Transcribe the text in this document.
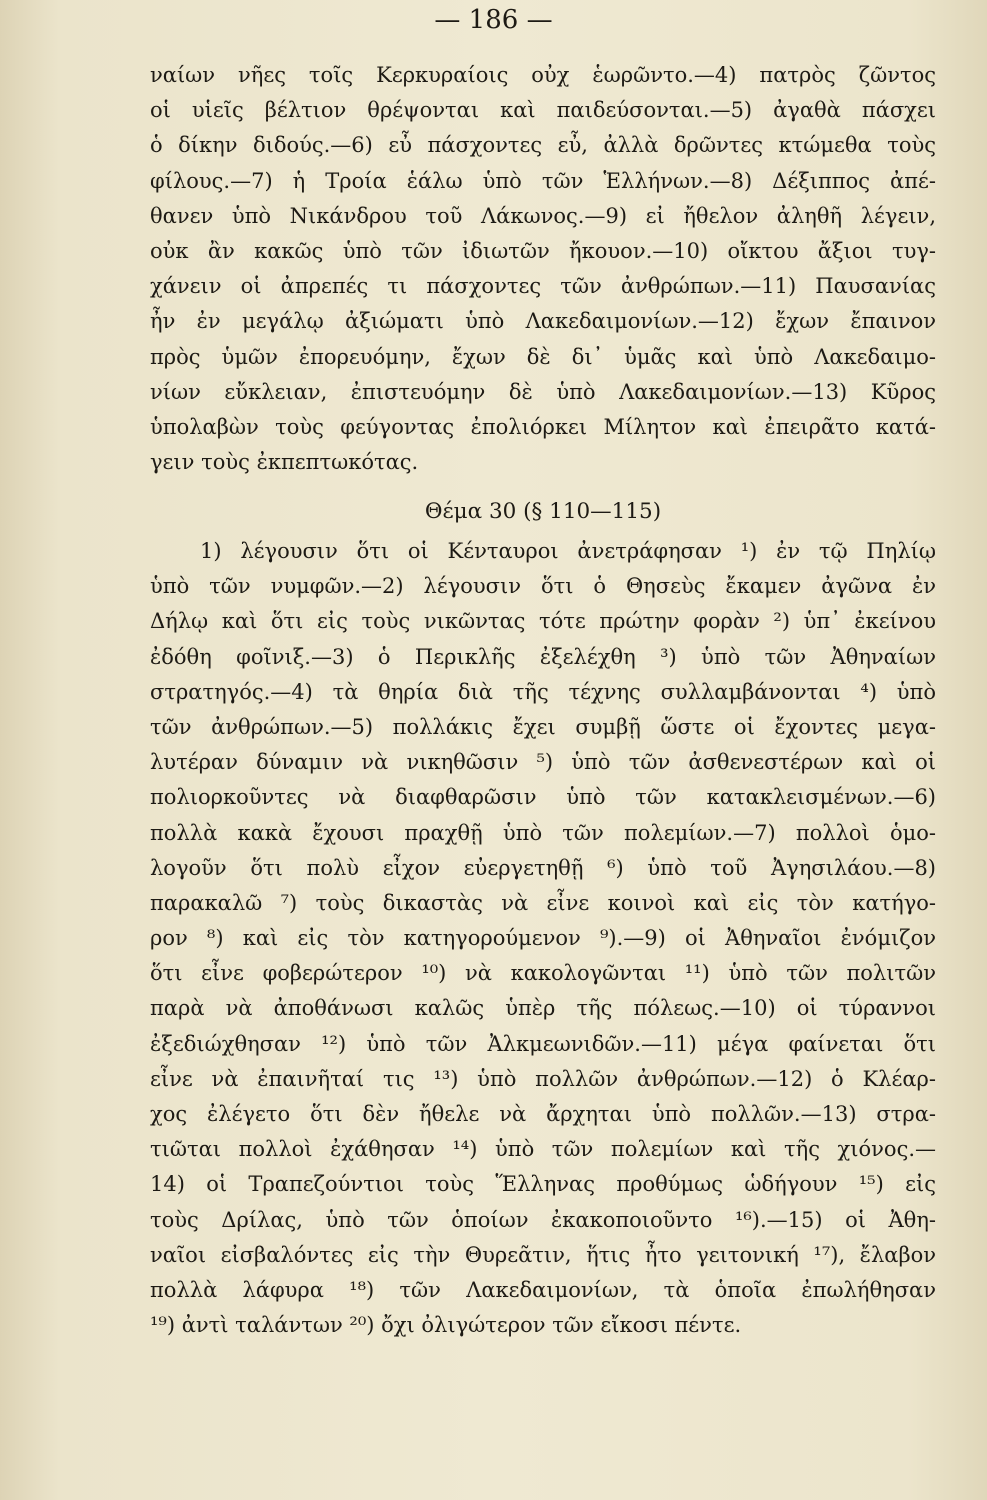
— 186 —
ναίων νῆες τοῖς Κερκυραίοις οὐχ ἑωρῶντο.—4) πατρὸς ζῶντος
οἱ υἱεῖς βέλτιον θρέψονται καὶ παιδεύσονται.—5) ἀγαθὰ πάσχει
ὁ δίκην διδούς.—6) εὖ πάσχοντες εὖ, ἀλλὰ δρῶντες κτώμεθα τοὺς
φίλους.—7) ἡ Τροία ἑάλω ὑπὸ τῶν Ἑλλήνων.—8) Δέξιππος ἀπέ-
θανεν ὑπὸ Νικάνδρου τοῦ Λάκωνος.—9) εἰ ἤθελον ἀληθῆ λέγειν,
οὐκ ἂν κακῶς ὑπὸ τῶν ἰδιωτῶν ἤκουον.—10) οἴκτου ἄξιοι τυγ-
χάνειν οἱ ἀπρεπές τι πάσχοντες τῶν ἀνθρώπων.—11) Παυσανίας
ἦν ἐν μεγάλῳ ἀξιώματι ὑπὸ Λακεδαιμονίων.—12) ἔχων ἔπαινον
πρὸς ὑμῶν ἐπορευόμην, ἔχων δὲ δι᾿ ὑμᾶς καὶ ὑπὸ Λακεδαιμο-
νίων εὔκλειαν, ἐπιστευόμην δὲ ὑπὸ Λακεδαιμονίων.—13) Κῦρος
ὑπολαβὼν τοὺς φεύγοντας ἐπολιόρκει Μίλητον καὶ ἐπειρᾶτο κατά-
γειν τοὺς ἐκπεπτωκότας.
Θέμα 30 (§ 110—115)
1) λέγουσιν ὅτι οἱ Κένταυροι ἀνετράφησαν ¹) ἐν τῷ Πηλίῳ
ὑπὸ τῶν νυμφῶν.—2) λέγουσιν ὅτι ὁ Θησεὺς ἔκαμεν ἀγῶνα ἐν
Δήλῳ καὶ ὅτι εἰς τοὺς νικῶντας τότε πρώτην φορὰν ²) ὑπ᾿ ἐκείνου
ἐδόθη φοῖνιξ.—3) ὁ Περικλῆς ἐξελέχθη ³) ὑπὸ τῶν Ἀθηναίων
στρατηγός.—4) τὰ θηρία διὰ τῆς τέχνης συλλαμβάνονται ⁴) ὑπὸ
τῶν ἀνθρώπων.—5) πολλάκις ἔχει συμβῇ ὥστε οἱ ἔχοντες μεγα-
λυτέραν δύναμιν νὰ νικηθῶσιν ⁵) ὑπὸ τῶν ἀσθενεστέρων καὶ οἱ
πολιορκοῦντες νὰ διαφθαρῶσιν ὑπὸ τῶν κατακλεισμένων.—6)
πολλὰ κακὰ ἔχουσι πραχθῇ ὑπὸ τῶν πολεμίων.—7) πολλοὶ ὁμο-
λογοῦν ὅτι πολὺ εἶχον εὐεργετηθῇ ⁶) ὑπὸ τοῦ Ἀγησιλάου.—8)
παρακαλῶ ⁷) τοὺς δικαστὰς νὰ εἶνε κοινοὶ καὶ εἰς τὸν κατήγο-
ρον ⁸) καὶ εἰς τὸν κατηγορούμενον ⁹).—9) οἱ Ἀθηναῖοι ἐνόμιζον
ὅτι εἶνε φοβερώτερον ¹⁰) νὰ κακολογῶνται ¹¹) ὑπὸ τῶν πολιτῶν
παρὰ νὰ ἀποθάνωσι καλῶς ὑπὲρ τῆς πόλεως.—10) οἱ τύραννοι
ἐξεδιώχθησαν ¹²) ὑπὸ τῶν Ἀλκμεωνιδῶν.—11) μέγα φαίνεται ὅτι
εἶνε νὰ ἐπαινῆταί τις ¹³) ὑπὸ πολλῶν ἀνθρώπων.—12) ὁ Κλέαρ-
χος ἐλέγετο ὅτι δὲν ἤθελε νὰ ἄρχηται ὑπὸ πολλῶν.—13) στρα-
τιῶται πολλοὶ ἐχάθησαν ¹⁴) ὑπὸ τῶν πολεμίων καὶ τῆς χιόνος.—
14) οἱ Τραπεζούντιοι τοὺς Ἕλληνας προθύμως ὡδήγουν ¹⁵) εἰς
τοὺς Δρίλας, ὑπὸ τῶν ὁποίων ἐκακοποιοῦντο ¹⁶).—15) οἱ Ἀθη-
ναῖοι εἰσβαλόντες εἰς τὴν Θυρεᾶτιν, ἥτις ἦτο γειτονική ¹⁷), ἔλαβον
πολλὰ λάφυρα ¹⁸) τῶν Λακεδαιμονίων, τὰ ὁποῖα ἐπωλήθησαν
¹⁹) ἀντὶ ταλάντων ²⁰) ὄχι ὀλιγώτερον τῶν εἴκοσι πέντε.
